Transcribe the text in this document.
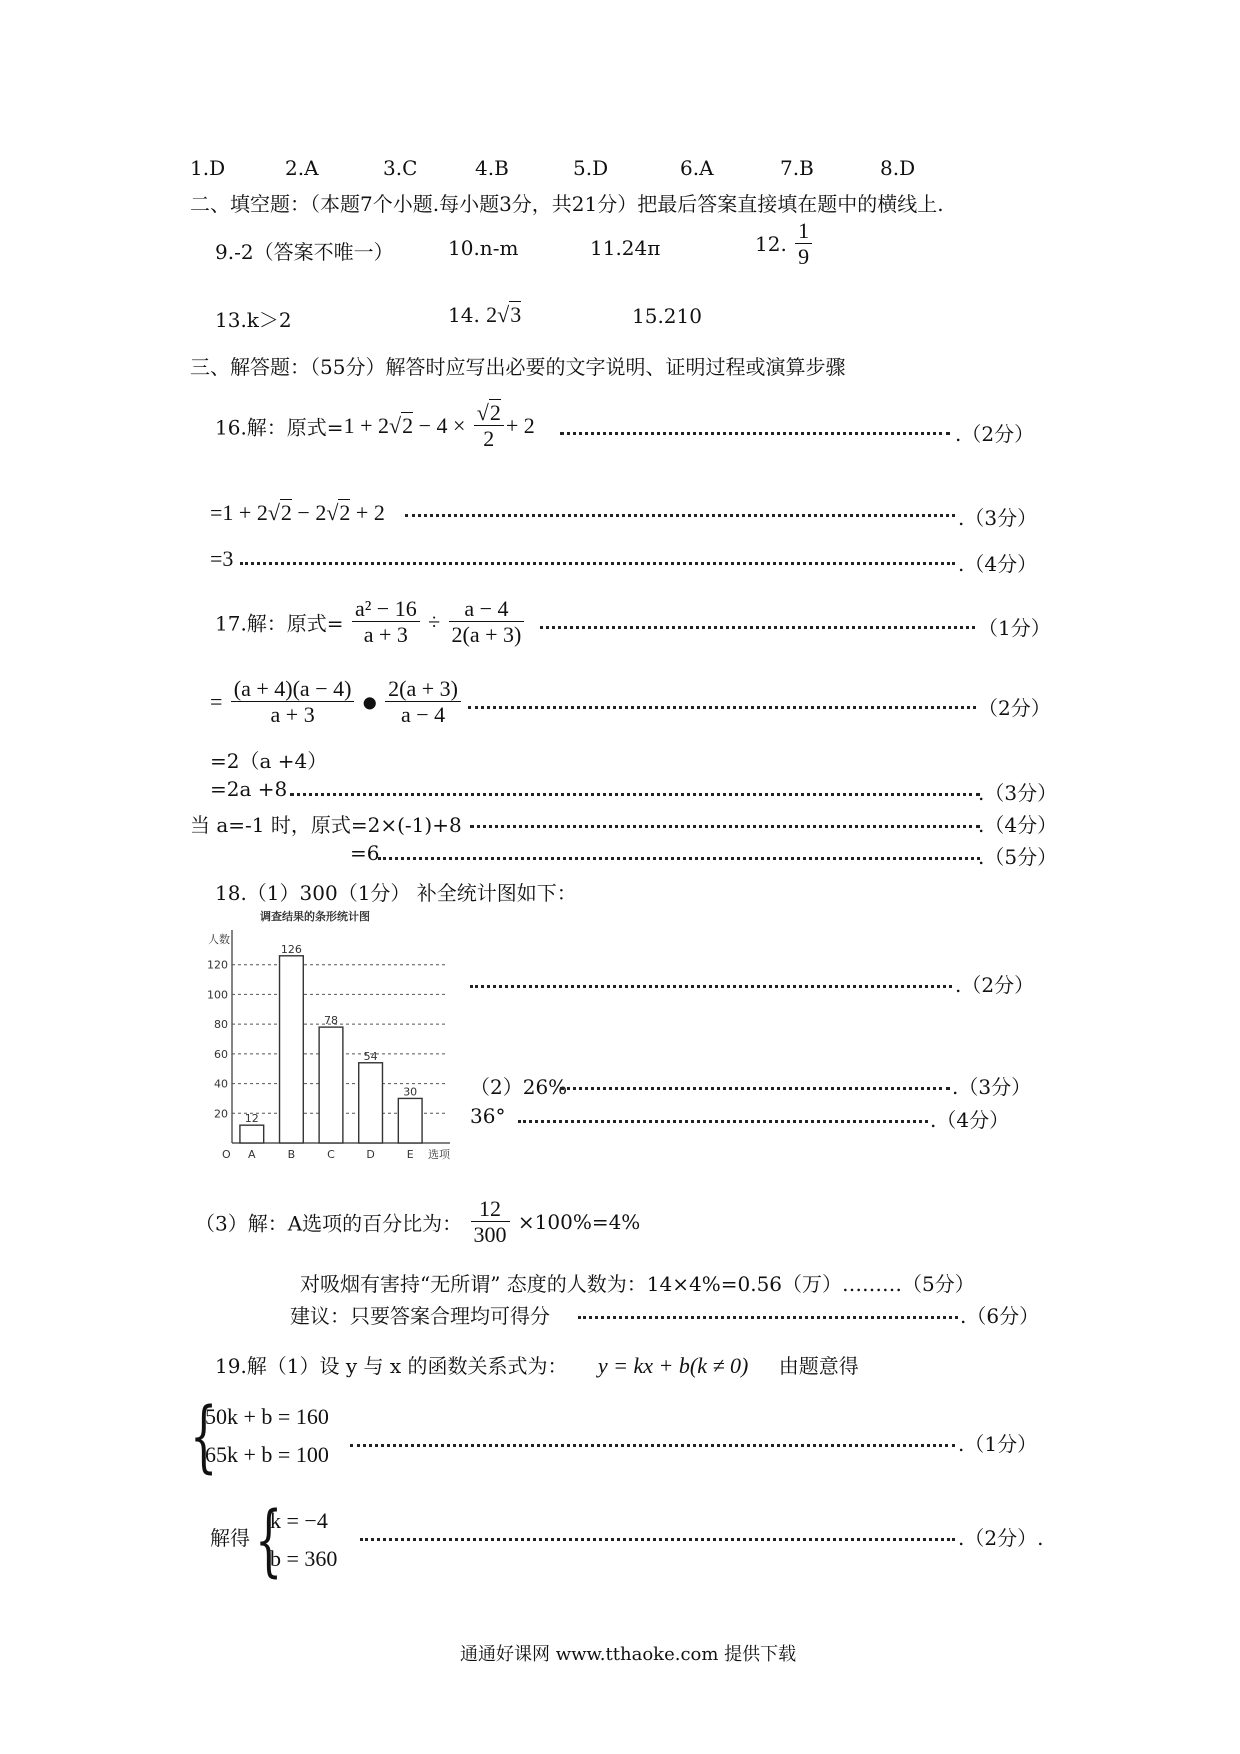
1.D	2.A	3.C	4.B	5.D	6.A	7.B	8.D
二、填空题：（本题7个小题.每小题3分，共21分）把最后答案直接填在题中的横线上.
9.-2（答案不唯一）	10.n-m	11.24π	12. $\frac{1}{9}$
13.k＞2	14. 2√3	15.210
三、解答题：（55分）解答时应写出必要的文字说明、证明过程或演算步骤
16.解：原式$=1 + 2√2 - 4 \times \frac{√2}{2} + 2$	.（2分）
=1 + 2√2 − 2√2 + 2	.（3分）
=3	.（4分）
17.解：原式= $\frac{\text{a² − 16}}{a + 3} \div \frac{a - 4}{2(a + 3)}$	（1分）
= $\frac{(a + 4)(a - 4)}{a + 3}$ ● $\frac{2(a + 3)}{a - 4}$	（2分）
=2（a +4）
=2a +8	.（3分）
当 a=-1 时，原式=2×(-1)+8	.（4分）
=6	.（5分）
18.（1）300（1分） 补全统计图如下：
调查结果的条形统计图
人数
选项
O
20
40
60
80
100
120
12
A
126
B
78
C
54
D
30
E
.（2分）
（2）26%	.（3分）
36°	.（4分）
（3）解：A选项的百分比为： $\frac{12}{300} \times 100\%=4\%$
对吸烟有害持“无所谓” 态度的人数为：14×4%=0.56（万）………（5分）
建议：只要答案合理均可得分	.（6分）
19.解（1）设 y 与 x 的函数关系式为： y = kx + b(k ≠ 0) 由题意得
{
50k + b = 160
65k + b = 100	.（1分）
解得 {
k = −4
b = 360
.（2分）.
通通好课网 www.tthaoke.com 提供下载
